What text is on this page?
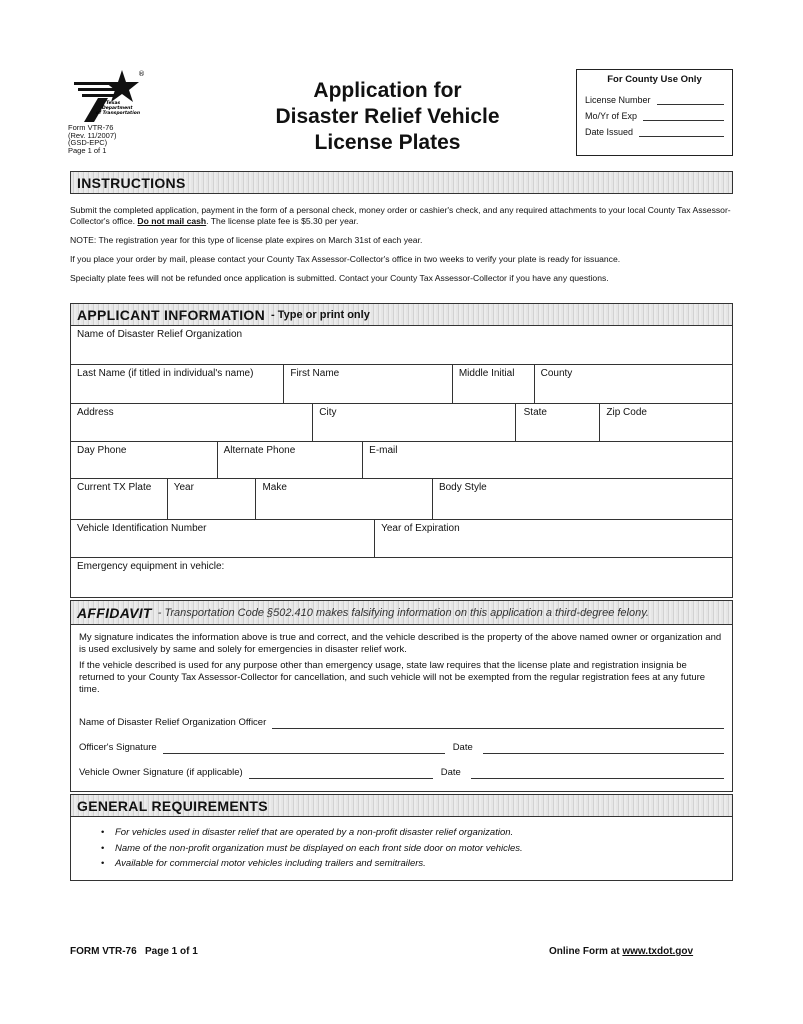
®
Texas
Department
of Transportation
Form VTR-76
(Rev. 11/2007)
(GSD-EPC)
Page 1 of 1
Application for
Disaster Relief Vehicle
License Plates
For County Use Only
License Number
Mo/Yr of Exp
Date Issued
INSTRUCTIONS

Submit the completed application, payment in the form of a personal check, money order or cashier's check, and any required attachments to your local County Tax Assessor-Collector's office. Do not mail cash. The license plate fee is $5.30 per year.

NOTE: The registration year for this type of license plate expires on March 31st of each year.

If you place your order by mail, please contact your County Tax Assessor-Collector's office in two weeks to verify your plate is ready for issuance.

Specialty plate fees will not be refunded once application is submitted. Contact your County Tax Assessor-Collector if you have any questions.

APPLICANT INFORMATION - Type or print only
Name of Disaster Relief Organization
Last Name (if titled in individual's name)	First Name	Middle Initial	County
Address	City	State	Zip Code
Day Phone	Alternate Phone	E-mail
Current TX Plate	Year	Make	Body Style
Vehicle Identification Number	Year of Expiration
Emergency equipment in vehicle:
AFFIDAVIT - Transportation Code §502.410 makes falsifying information on this application a third-degree felony.

My signature indicates the information above is true and correct, and the vehicle described is the property of the above named owner or organization and is used exclusively by same and solely for emergencies in disaster relief work.

If the vehicle described is used for any purpose other than emergency usage, state law requires that the license plate and registration insignia be returned to your County Tax Assessor-Collector for cancellation, and such vehicle will not be exempted from the regular registration fees at any future time.

Name of Disaster Relief Organization Officer
Officer's Signature	Date
Vehicle Owner Signature (if applicable)	Date
GENERAL REQUIREMENTS
• For vehicles used in disaster relief that are operated by a non-profit disaster relief organization.
• Name of the non-profit organization must be displayed on each front side door on motor vehicles.
• Available for commercial motor vehicles including trailers and semitrailers.
FORM VTR-76   Page 1 of 1	Online Form at www.txdot.gov
